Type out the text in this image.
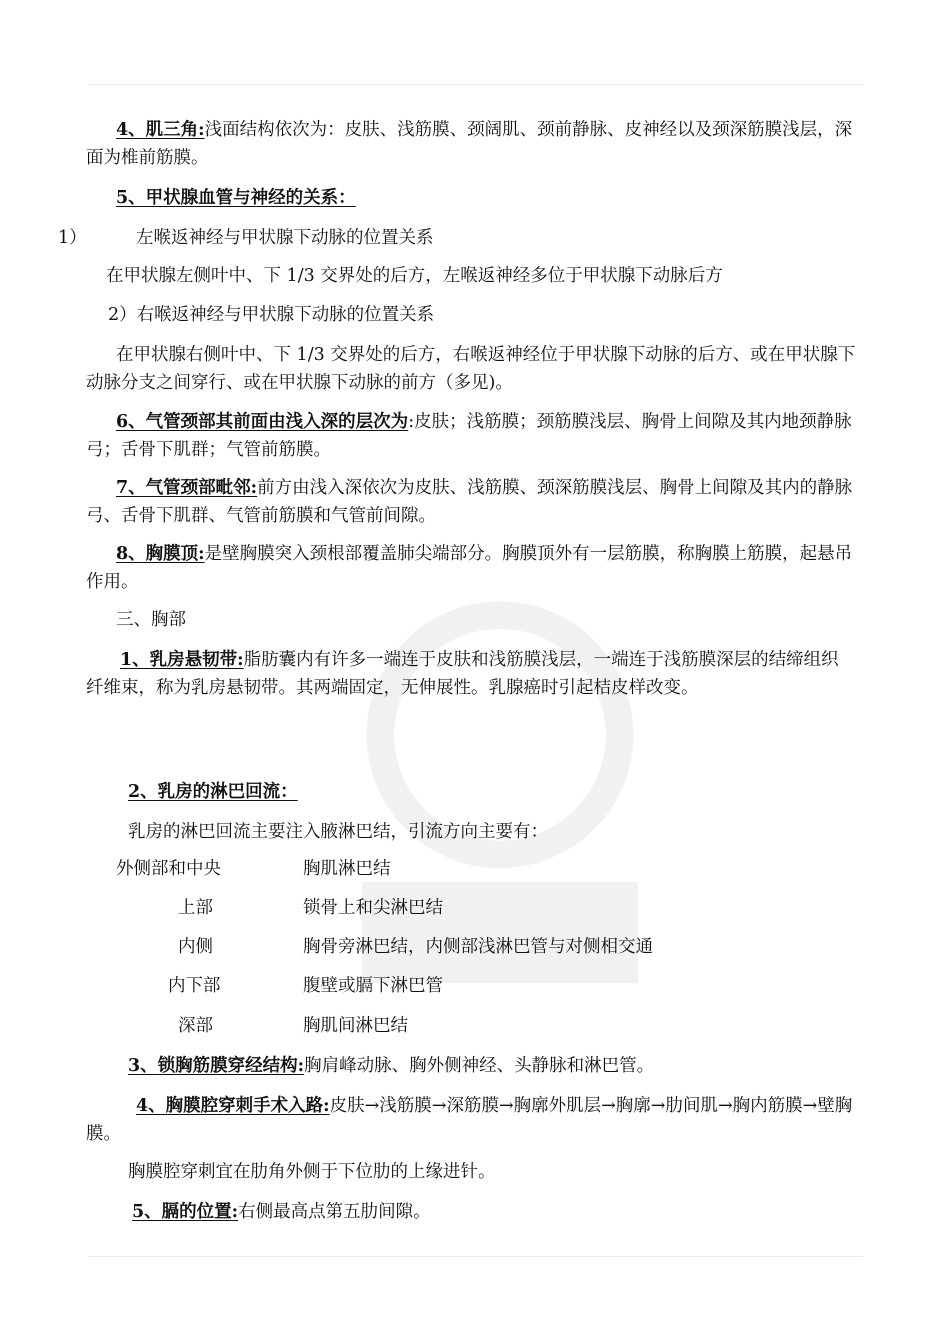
4、肌三角:浅面结构依次为：皮肤、浅筋膜、颈阔肌、颈前静脉、皮神经以及颈深筋膜浅层，深面为椎前筋膜。

5、甲状腺血管与神经的关系：

1）	左喉返神经与甲状腺下动脉的位置关系

在甲状腺左侧叶中、下 1/3 交界处的后方，左喉返神经多位于甲状腺下动脉后方

2）右喉返神经与甲状腺下动脉的位置关系

在甲状腺右侧叶中、下 1/3 交界处的后方，右喉返神经位于甲状腺下动脉的后方、或在甲状腺下动脉分支之间穿行、或在甲状腺下动脉的前方（多见)。

6、气管颈部其前面由浅入深的层次为:皮肤；浅筋膜；颈筋膜浅层、胸骨上间隙及其内地颈静脉弓；舌骨下肌群；气管前筋膜。

7、气管颈部毗邻:前方由浅入深依次为皮肤、浅筋膜、颈深筋膜浅层、胸骨上间隙及其内的静脉弓、舌骨下肌群、气管前筋膜和气管前间隙。

8、胸膜顶:是壁胸膜突入颈根部覆盖肺尖端部分。胸膜顶外有一层筋膜，称胸膜上筋膜，起悬吊作用。

三、胸部

1、乳房悬韧带:脂肪囊内有许多一端连于皮肤和浅筋膜浅层，一端连于浅筋膜深层的结缔组织纤维束，称为乳房悬韧带。其两端固定，无伸展性。乳腺癌时引起桔皮样改变。

2、乳房的淋巴回流：

乳房的淋巴回流主要注入腋淋巴结，引流方向主要有：

外侧部和中央	胸肌淋巴结
上部	锁骨上和尖淋巴结
内侧	胸骨旁淋巴结，内侧部浅淋巴管与对侧相交通
内下部	腹壁或膈下淋巴管
深部	胸肌间淋巴结

3、锁胸筋膜穿经结构:胸肩峰动脉、胸外侧神经、头静脉和淋巴管。

4、胸膜腔穿刺手术入路:皮肤→浅筋膜→深筋膜→胸廓外肌层→胸廓→肋间肌→胸内筋膜→壁胸膜。

胸膜腔穿刺宜在肋角外侧于下位肋的上缘进针。

5、膈的位置:右侧最高点第五肋间隙。
